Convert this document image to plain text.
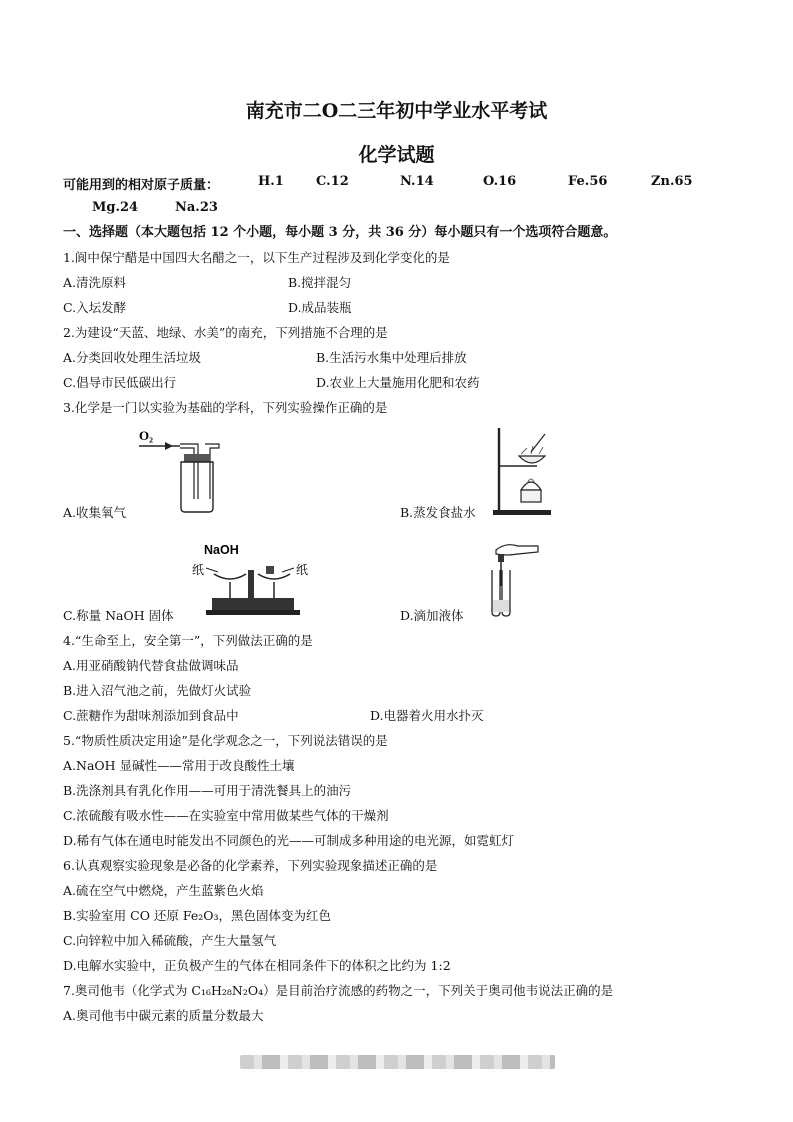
南充市二O二三年初中学业水平考试
化学试题
可能用到的相对原子质量：	H.1 C.12	N.14	O.16	Fe.56	Zn.65
Mg.24	Na.23
一、选择题（本大题包括 12 个小题，每小题 3 分，共 36 分）每小题只有一个选项符合题意。
1.阆中保宁醋是中国四大名醋之一，以下生产过程涉及到化学变化的是
A.清洗原料	B.搅拌混匀
C.入坛发酵	D.成品装瓶
2.为建设“天蓝、地绿、水美”的南充，下列措施不合理的是
A.分类回收处理生活垃圾	B.生活污水集中处理后排放
C.倡导市民低碳出行	D.农业上大量施用化肥和农药
3.化学是一门以实验为基础的学科，下列实验操作正确的是
O₂
A.收集氧气	B.蒸发食盐水
NaOH
纸	纸
C.称量 NaOH 固体	D.滴加液体
4.“生命至上，安全第一”，下列做法正确的是
A.用亚硝酸钠代替食盐做调味品
B.进入沼气池之前，先做灯火试验
C.蔗糖作为甜味剂添加到食品中	D.电器着火用水扑灭
5.“物质性质决定用途”是化学观念之一，下列说法错误的是
A.NaOH 显碱性——常用于改良酸性土壤
B.洗涤剂具有乳化作用——可用于清洗餐具上的油污
C.浓硫酸有吸水性——在实验室中常用做某些气体的干燥剂
D.稀有气体在通电时能发出不同颜色的光——可制成多种用途的电光源，如霓虹灯
6.认真观察实验现象是必备的化学素养，下列实验现象描述正确的是
A.硫在空气中燃烧，产生蓝紫色火焰
B.实验室用 CO 还原 Fe₂O₃，黑色固体变为红色
C.向锌粒中加入稀硫酸，产生大量氢气
D.电解水实验中，正负极产生的气体在相同条件下的体积之比约为 1:2
7.奥司他韦（化学式为 C₁₆H₂₈N₂O₄）是目前治疗流感的药物之一，下列关于奥司他韦说法正确的是
A.奥司他韦中碳元素的质量分数最大
